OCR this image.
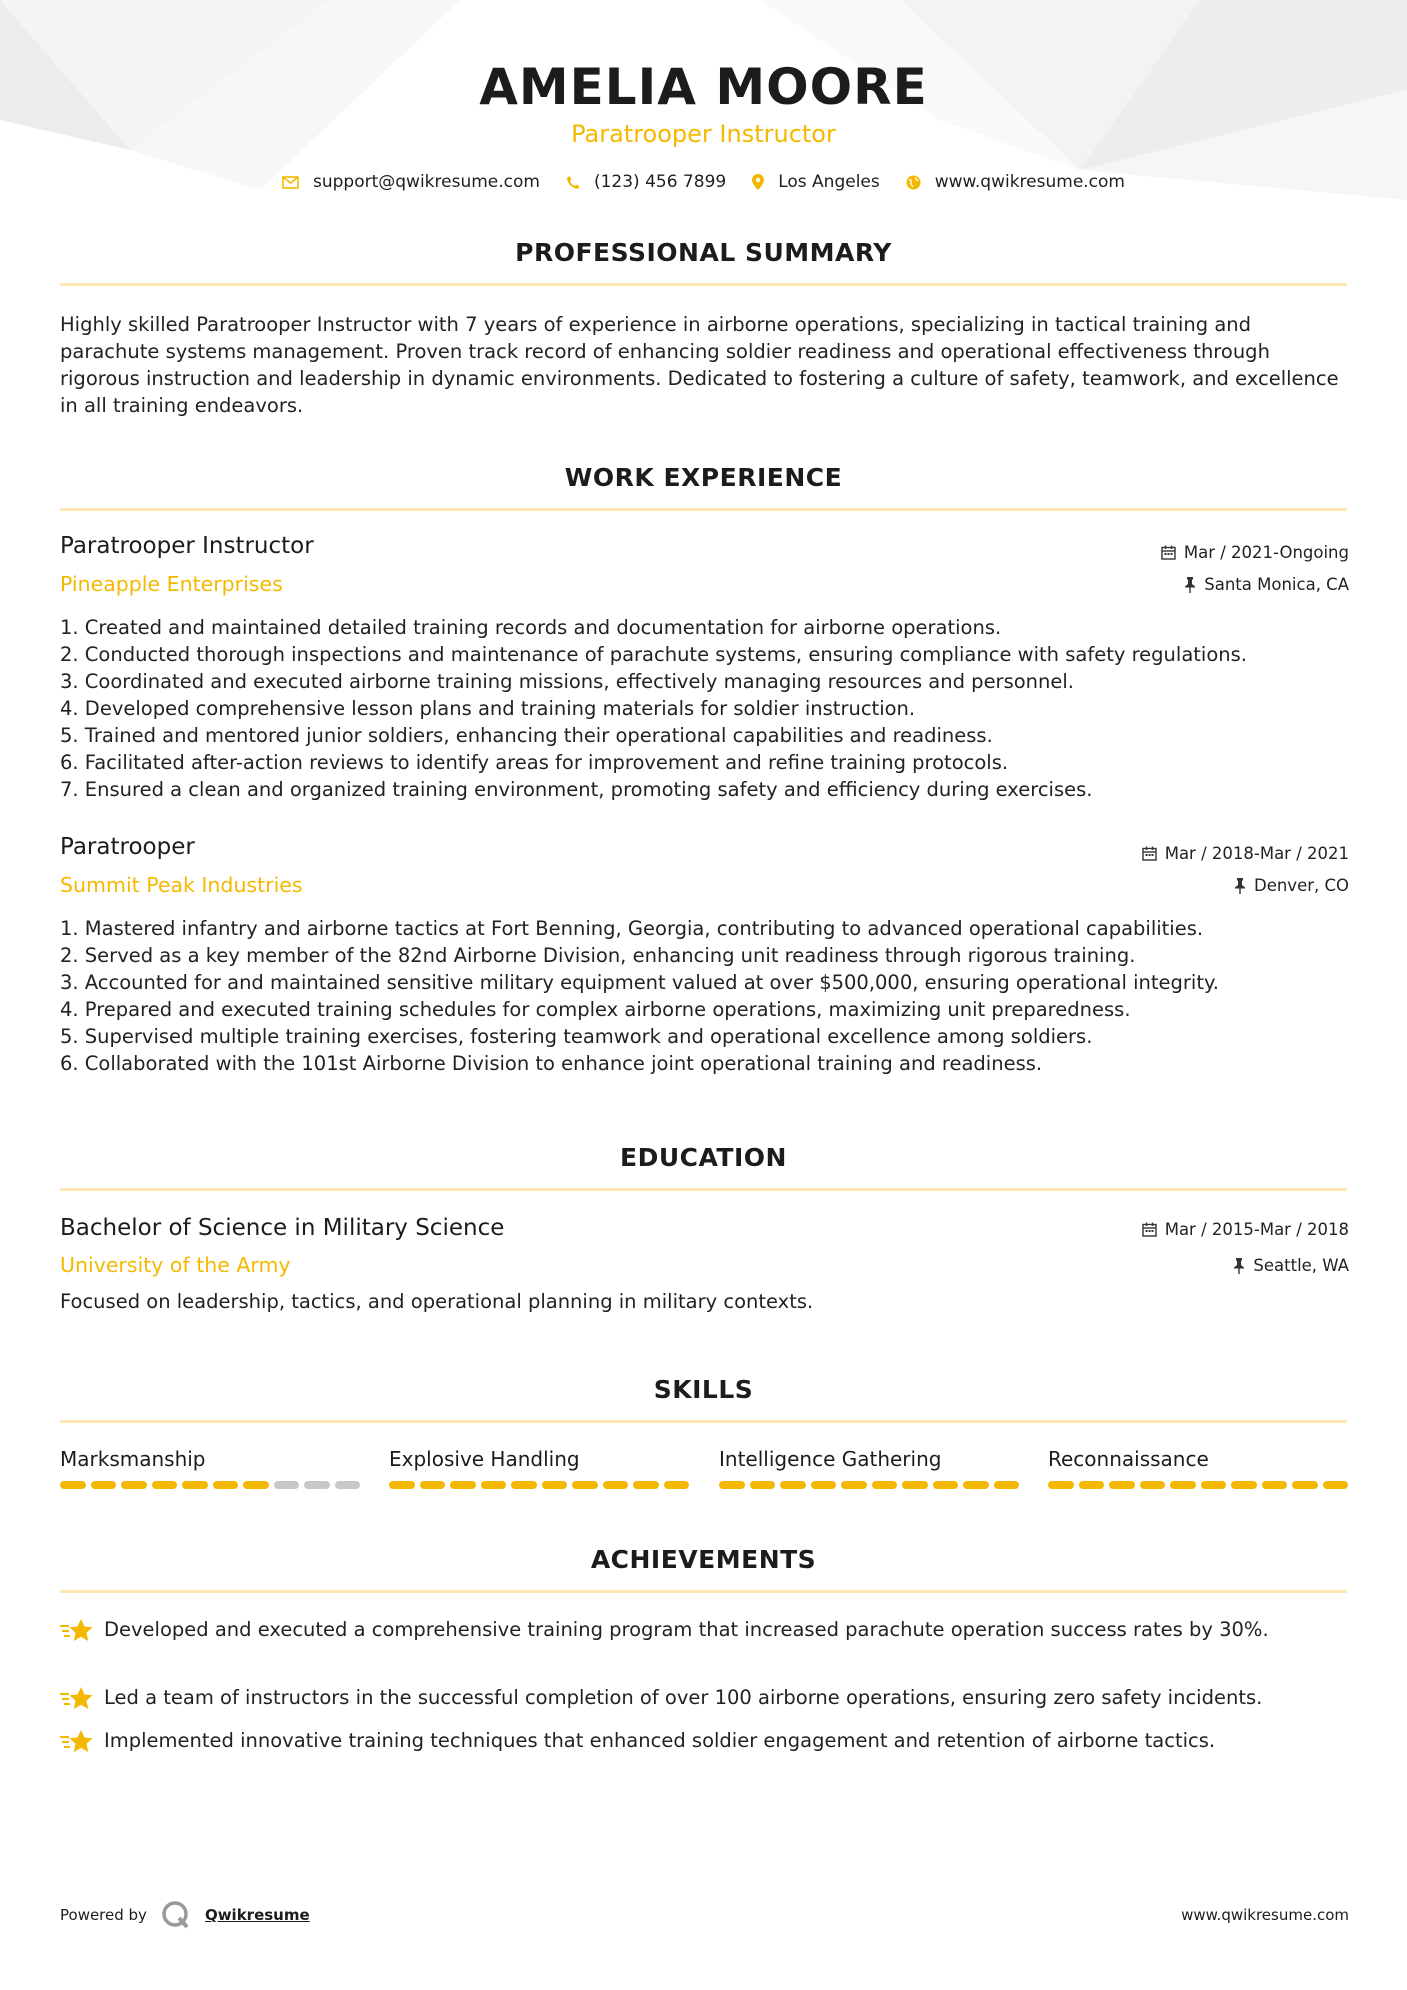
AMELIA MOORE
Paratrooper Instructor
support@qwikresume.com	(123) 456 7899	Los Angeles	www.qwikresume.com
PROFESSIONAL SUMMARY
Highly skilled Paratrooper Instructor with 7 years of experience in airborne operations, specializing in tactical training and parachute systems management. Proven track record of enhancing soldier readiness and operational effectiveness through rigorous instruction and leadership in dynamic environments. Dedicated to fostering a culture of safety, teamwork, and excellence in all training endeavors.
WORK EXPERIENCE
Paratrooper Instructor	Mar / 2021-Ongoing
Pineapple Enterprises	Santa Monica, CA
1. Created and maintained detailed training records and documentation for airborne operations.
2. Conducted thorough inspections and maintenance of parachute systems, ensuring compliance with safety regulations.
3. Coordinated and executed airborne training missions, effectively managing resources and personnel.
4. Developed comprehensive lesson plans and training materials for soldier instruction.
5. Trained and mentored junior soldiers, enhancing their operational capabilities and readiness.
6. Facilitated after-action reviews to identify areas for improvement and refine training protocols.
7. Ensured a clean and organized training environment, promoting safety and efficiency during exercises.
Paratrooper	Mar / 2018-Mar / 2021
Summit Peak Industries	Denver, CO
1. Mastered infantry and airborne tactics at Fort Benning, Georgia, contributing to advanced operational capabilities.
2. Served as a key member of the 82nd Airborne Division, enhancing unit readiness through rigorous training.
3. Accounted for and maintained sensitive military equipment valued at over $500,000, ensuring operational integrity.
4. Prepared and executed training schedules for complex airborne operations, maximizing unit preparedness.
5. Supervised multiple training exercises, fostering teamwork and operational excellence among soldiers.
6. Collaborated with the 101st Airborne Division to enhance joint operational training and readiness.
EDUCATION
Bachelor of Science in Military Science	Mar / 2015-Mar / 2018
University of the Army	Seattle, WA
Focused on leadership, tactics, and operational planning in military contexts.
SKILLS
Marksmanship	Explosive Handling	Intelligence Gathering	Reconnaissance
ACHIEVEMENTS
Developed and executed a comprehensive training program that increased parachute operation success rates by 30%.
Led a team of instructors in the successful completion of over 100 airborne operations, ensuring zero safety incidents.
Implemented innovative training techniques that enhanced soldier engagement and retention of airborne tactics.
Powered by	Qwikresume	www.qwikresume.com
